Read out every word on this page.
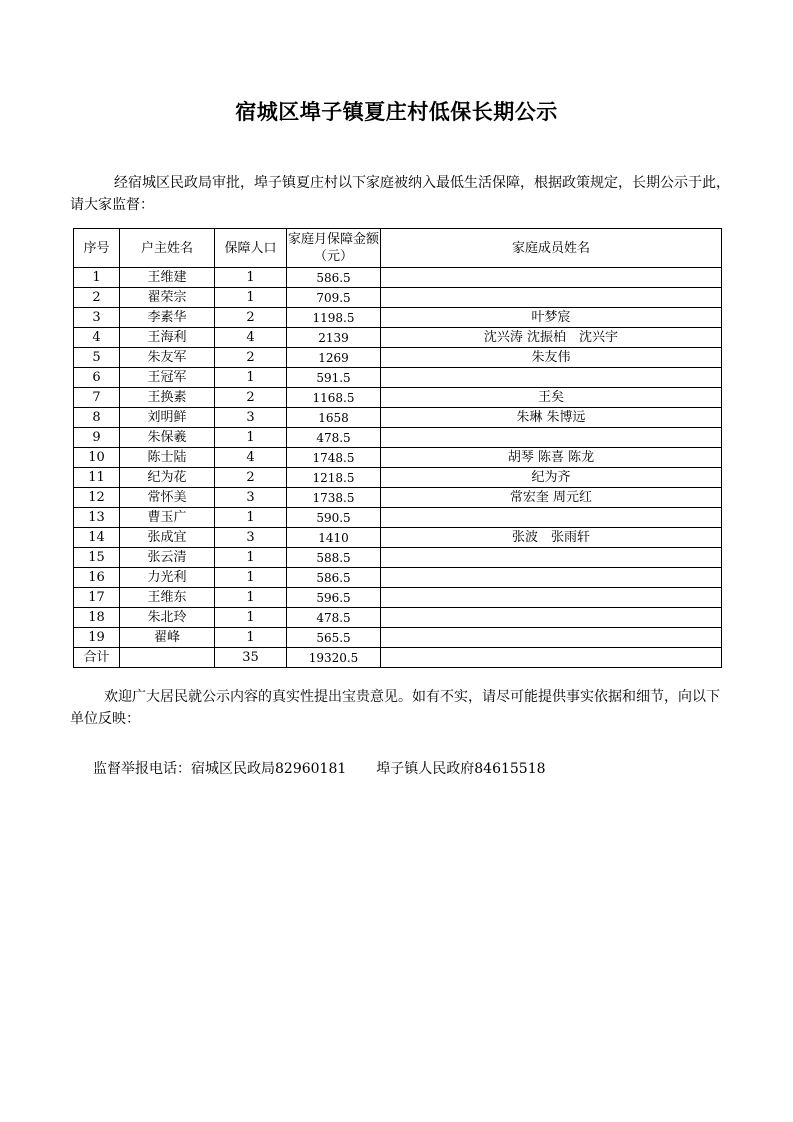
宿城区埠子镇夏庄村低保长期公示
经宿城区民政局审批，埠子镇夏庄村以下家庭被纳入最低生活保障，根据政策规定，长期公示于此，请大家监督：
序号	户主姓名	保障人口	家庭月保障金额（元）	家庭成员姓名
1	王维建	1	586.5	
2	翟荣宗	1	709.5	
3	李素华	2	1198.5	叶梦宸
4	王海利	4	2139	沈兴涛 沈振柏　沈兴宇
5	朱友军	2	1269	朱友伟
6	王冠军	1	591.5	
7	王换素	2	1168.5	王矣
8	刘明鲜	3	1658	朱琳 朱博远
9	朱保羲	1	478.5	
10	陈士陆	4	1748.5	胡琴 陈喜 陈龙
11	纪为花	2	1218.5	纪为齐
12	常怀美	3	1738.5	常宏奎 周元红
13	曹玉广	1	590.5	
14	张成宜	3	1410	张波　张雨轩
15	张云清	1	588.5	
16	力光利	1	586.5	
17	王维东	1	596.5	
18	朱北玲	1	478.5	
19	翟峰	1	565.5	
合计		35	19320.5	
欢迎广大居民就公示内容的真实性提出宝贵意见。如有不实，请尽可能提供事实依据和细节，向以下单位反映：
监督举报电话：宿城区民政局82960181 埠子镇人民政府84615518
